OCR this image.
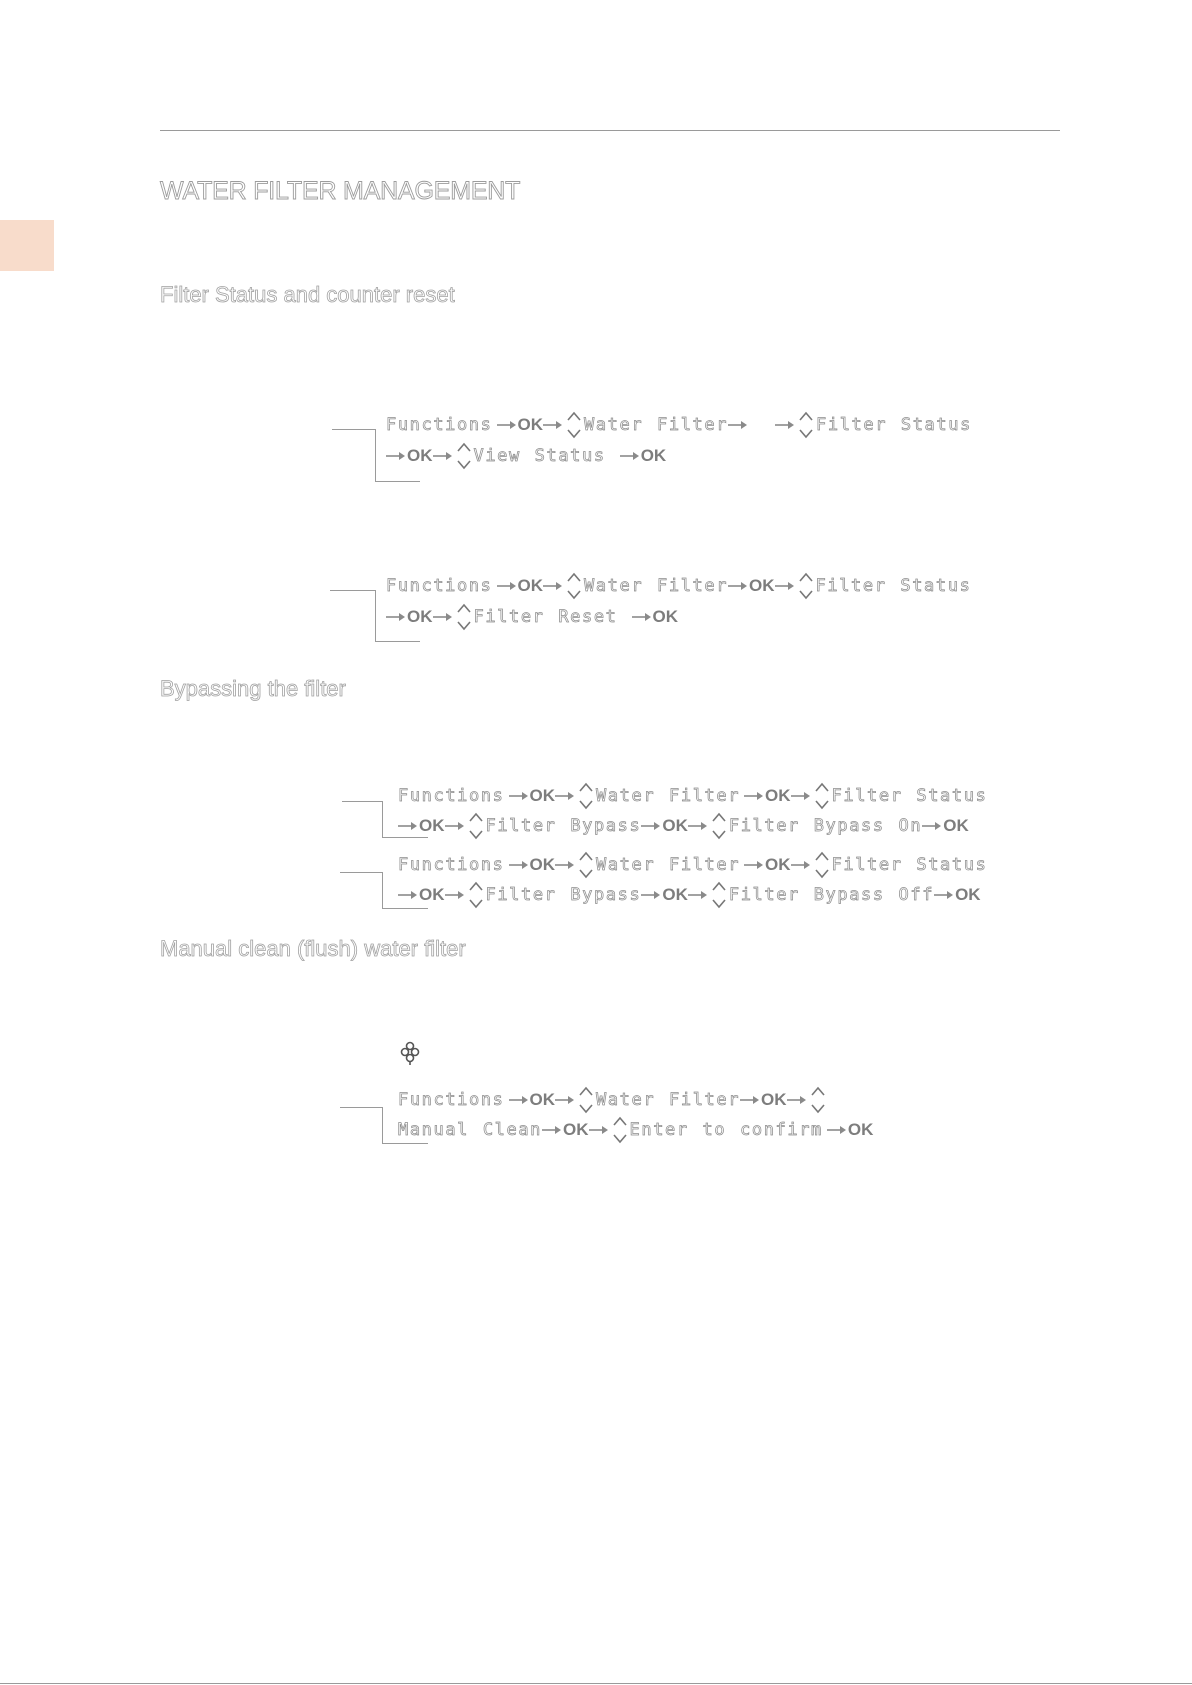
WATER FILTER MANAGEMENT
Filter Status and counter reset
Functions OK Water Filter	Filter Status
OK View Status OK
Functions OK Water Filter OK Filter Status
OK Filter Reset OK
Bypassing the filter
Functions OK Water Filter OK Filter Status
OK Filter Bypass OK Filter Bypass On OK
Functions OK Water Filter OK Filter Status
OK Filter Bypass OK Filter Bypass Off OK
Manual clean (flush) water filter
Functions OK Water Filter OK
Manual Clean OK Enter to confirm OK
